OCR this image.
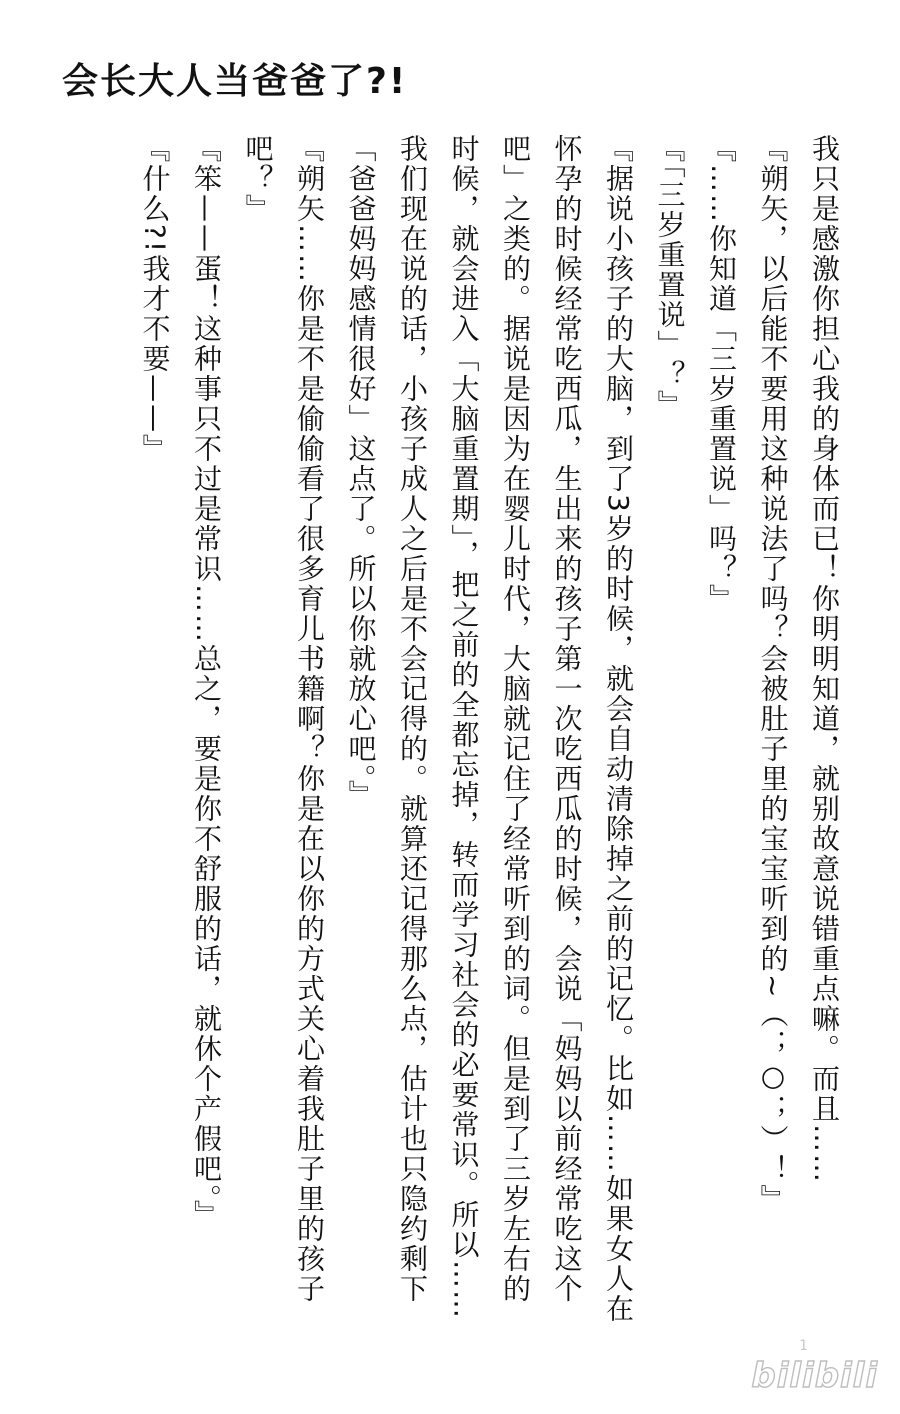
会长大人当爸爸了?!

我只是感激你担心我的身体而已！你明明知道，就别故意说错重点嘛。而且……

『朔矢，以后能不要用这种说法了吗？会被肚子里的宝宝听到的~（；○；）！』

『……你知道「三岁重置说」吗？』

『「三岁重置说」？』

『据说小孩子的大脑，到了3岁的时候，就会自动清除掉之前的记忆。比如……如果女人在怀孕的时候经常吃西瓜，生出来的孩子第一次吃西瓜的时候，会说「妈妈以前经常吃这个吧」之类的。据说是因为在婴儿时代，大脑就记住了经常听到的词。但是到了三岁左右的时候，就会进入「大脑重置期」，把之前的全都忘掉，转而学习社会的必要常识。所以……我们现在说的话，小孩子成人之后是不会记得的。就算还记得那么点，估计也只隐约剩下「爸爸妈妈感情很好」这点了。所以你就放心吧。』

『朔矢……你是不是偷偷看了很多育儿书籍啊？你是在以你的方式关心着我肚子里的孩子吧？』

『笨——蛋！这种事只不过是常识……总之，要是你不舒服的话，就休个产假吧。』

『什么?!我才不要——』

1
bilibili
